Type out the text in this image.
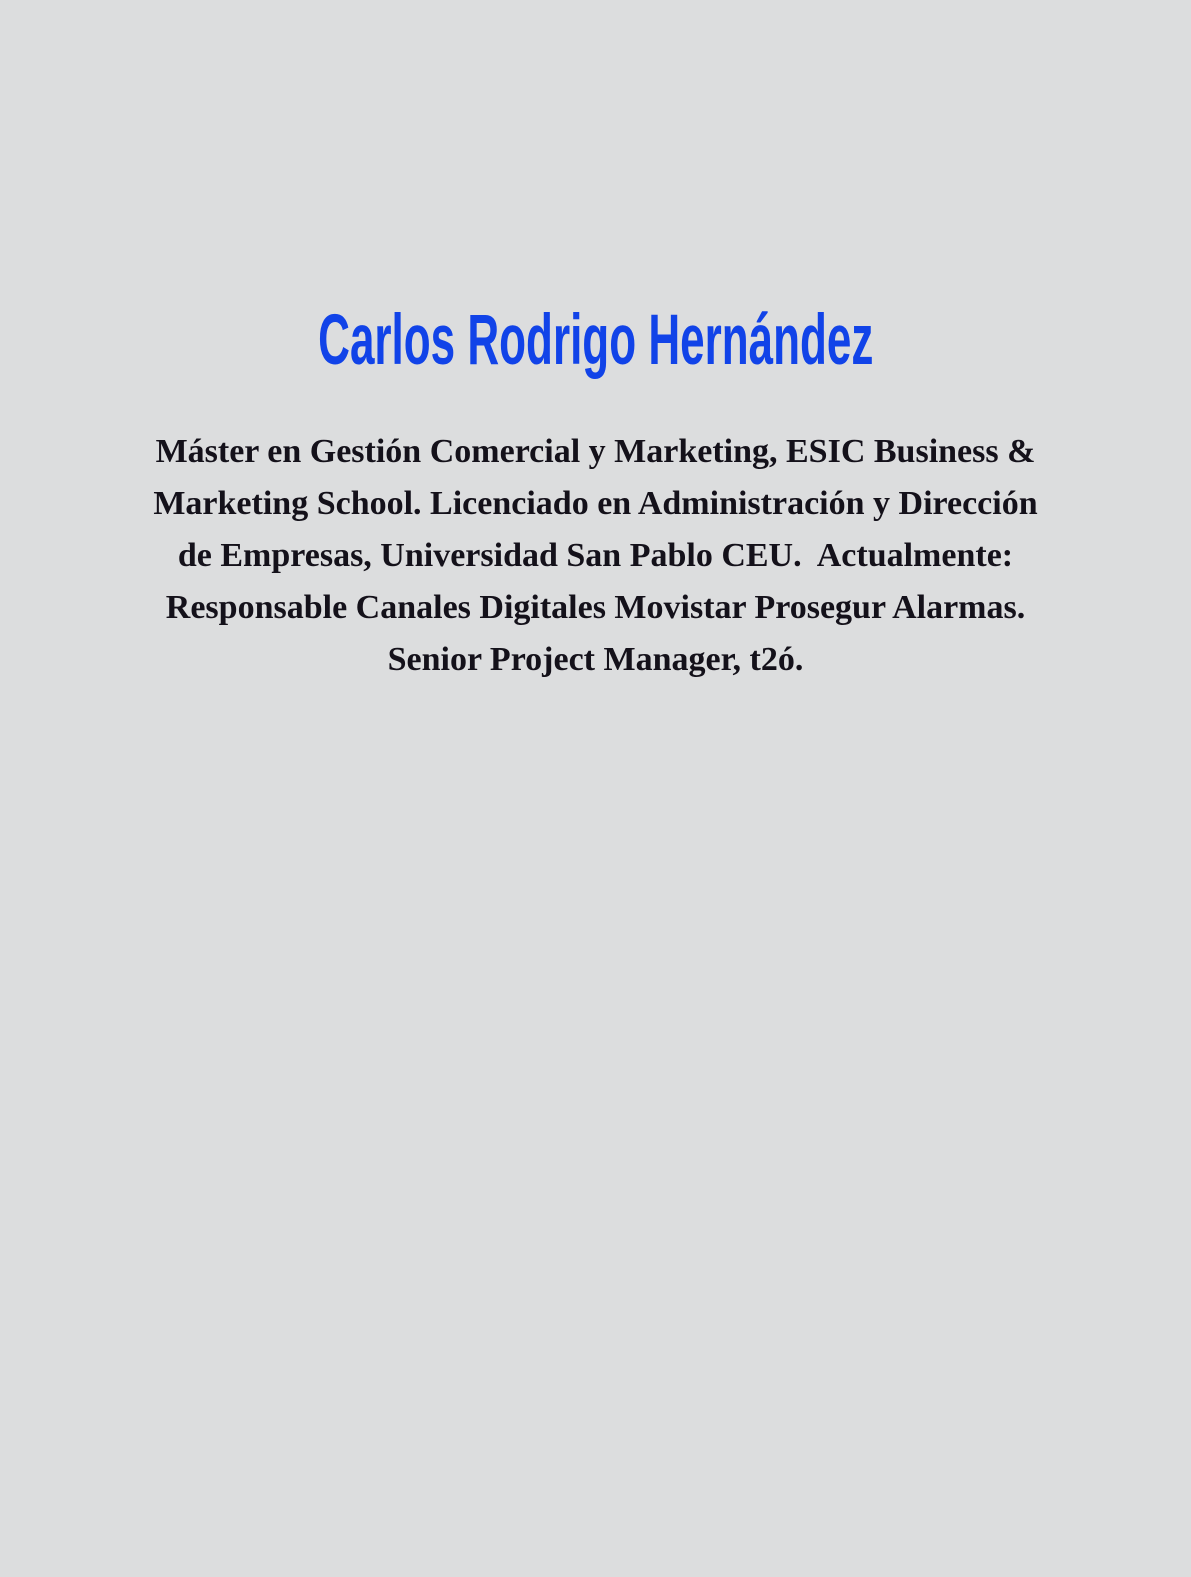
Carlos Rodrigo Hernández
Máster en Gestión Comercial y Marketing, ESIC Business &
Marketing School. Licenciado en Administración y Dirección
de Empresas, Universidad San Pablo CEU.  Actualmente:
Responsable Canales Digitales Movistar Prosegur Alarmas.
Senior Project Manager, t2ó.
